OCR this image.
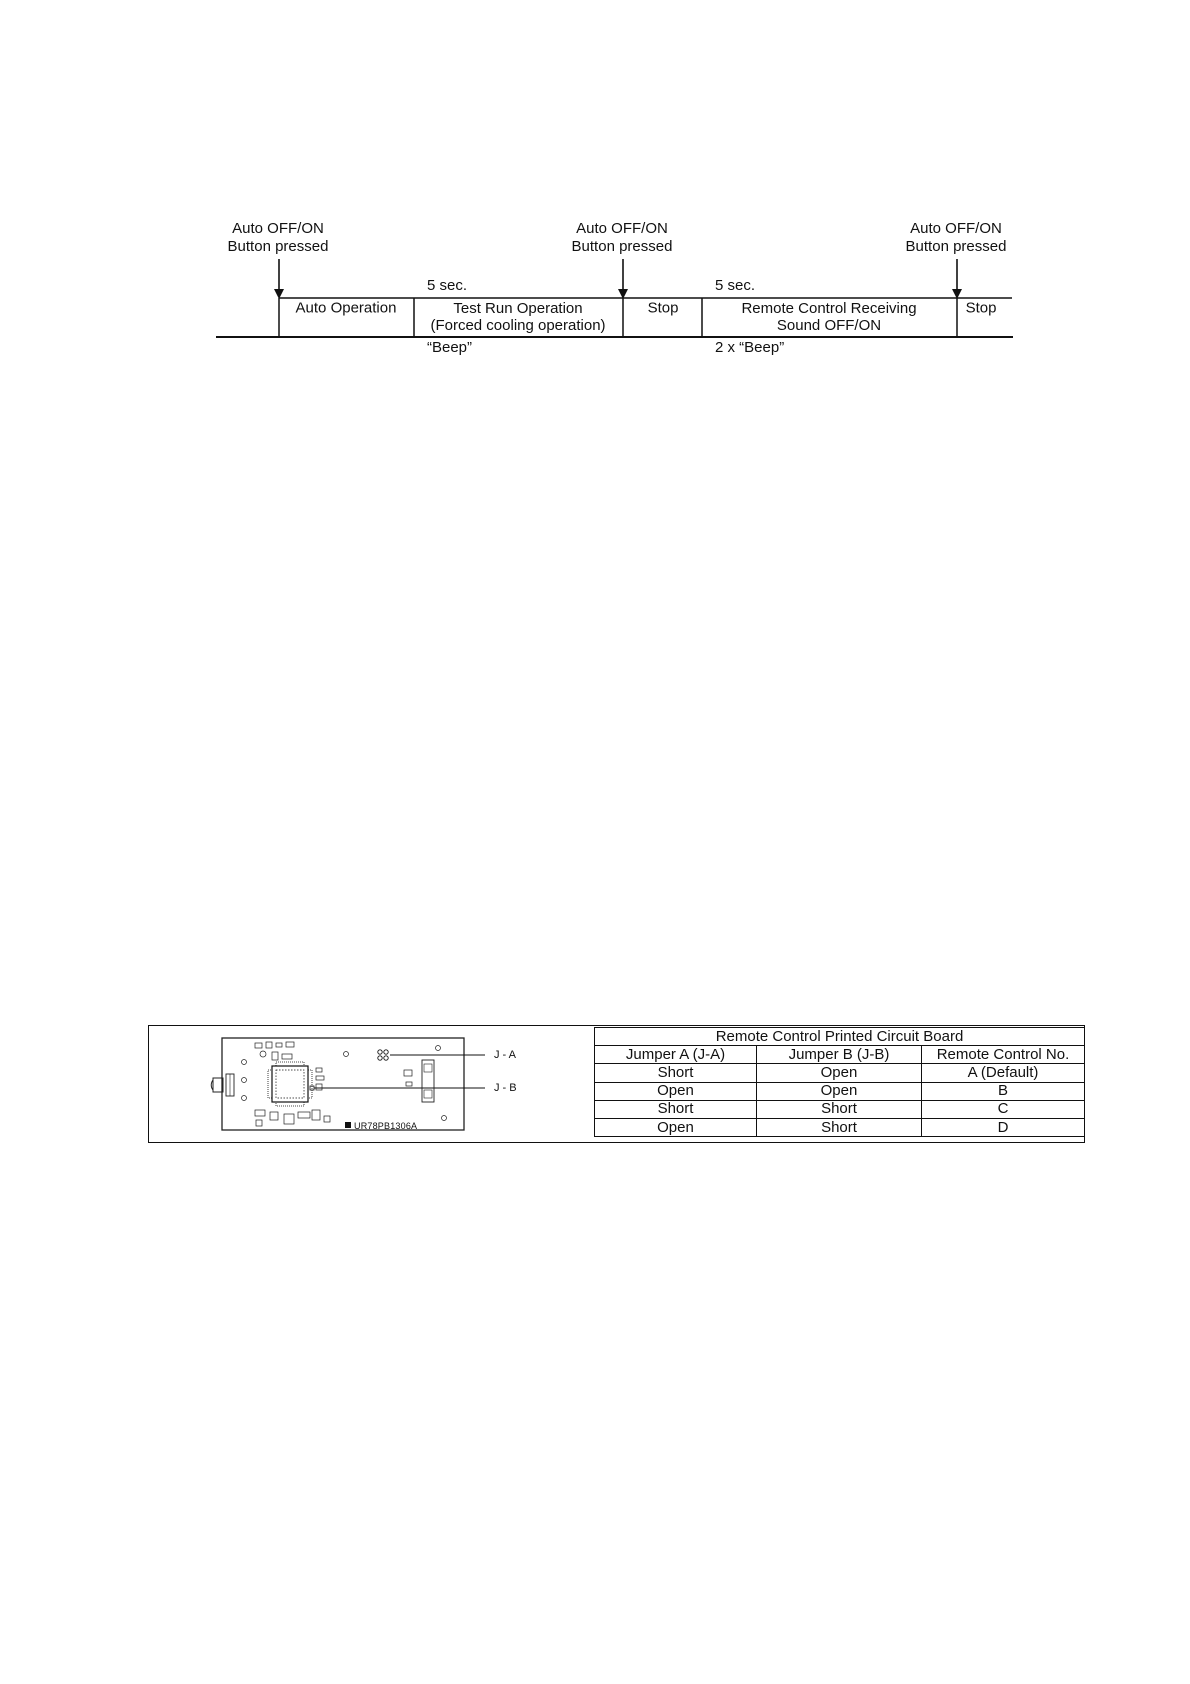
Auto OFF/ON
Button pressed
Auto OFF/ON
Button pressed
Auto OFF/ON
Button pressed
5 sec.	5 sec.
Auto Operation	Test Run Operation
(Forced cooling operation)
Stop	Remote Control Receiving
Sound OFF/ON
Stop
“Beep”	2 x “Beep”
J - A
J - B
UR78PB1306A
Remote Control Printed Circuit Board		
Jumper A (J-A)	Jumper B (J-B)	Remote Control No.
Short	Open	A (Default)
Open	Open	B
Short	Short	C
Open	Short	D
